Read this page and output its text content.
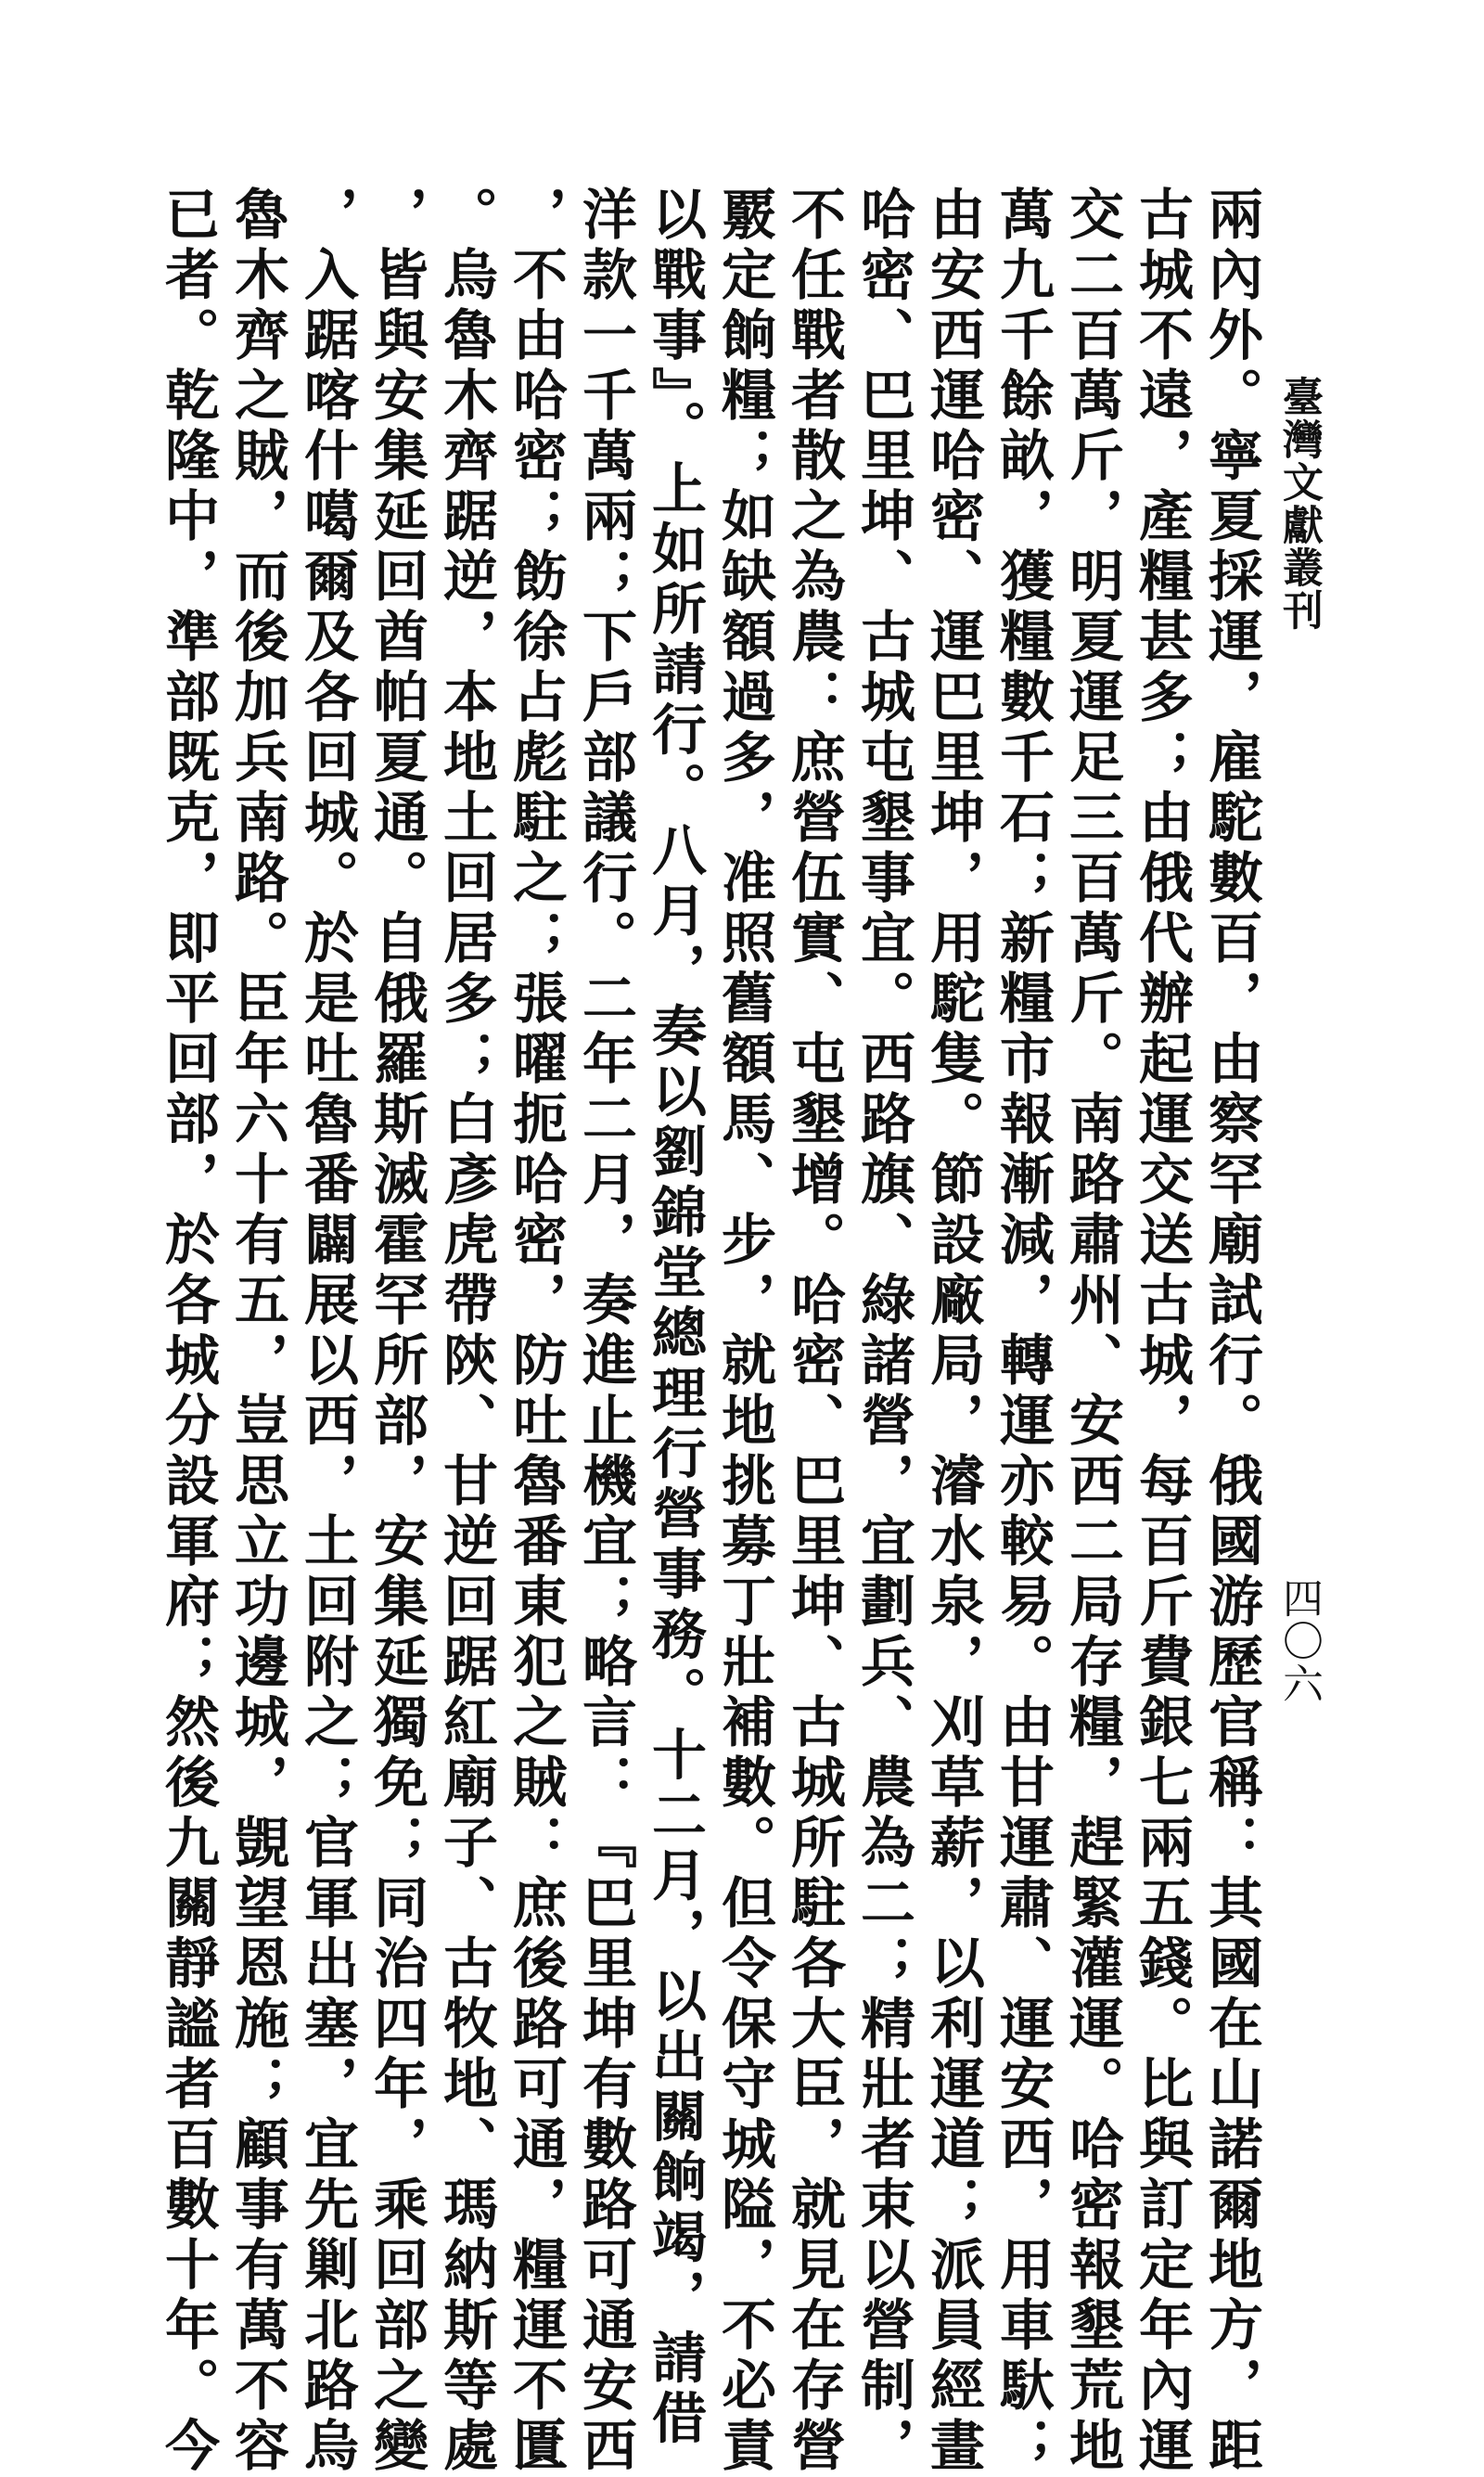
臺灣文獻叢刊
四〇六
兩內外。寧夏採運，雇駝數百，由察罕廟試行。俄國游歷官稱：其國在山諾爾地方，距
古城不遠，產糧甚多；由俄代辦起運交送古城，每百斤費銀七兩五錢。比與訂定年內運
交二百萬斤，明夏運足三百萬斤。南路肅州、安西二局存糧，趕緊灌運。哈密報墾荒地
萬九千餘畝，獲糧數千石；新糧市報漸減，轉運亦較易。由甘運肅、運安西，用車馱；
由安西運哈密、運巴里坤，用駝隻。節設廠局，濬水泉，刈草薪，以利運道；派員經畫
哈密、巴里坤、古城屯墾事宜。西路旗、綠諸營，宜劃兵、農為二；精壯者束以營制，
不任戰者散之為農：庶營伍實、屯墾增。哈密、巴里坤、古城所駐各大臣，就見在存營
覈定餉糧；如缺額過多，准照舊額馬、步，就地挑募丁壯補數。但令保守城隘，不必責
以戰事』。上如所請行。八月，奏以劉錦堂總理行營事務。十二月，以出關餉竭，請借
洋款一千萬兩；下戶部議行。二年二月，奏進止機宜；略言：『巴里坤有數路可通安西
，不由哈密；飭徐占彪駐之；張曜扼哈密，防吐魯番東犯之賊：庶後路可通，糧運不匱
。烏魯木齊踞逆，本地土回居多；白彥虎帶陝、甘逆回踞紅廟子、古牧地、瑪納斯等處
，皆與安集延回酋帕夏通。自俄羅斯滅霍罕所部，安集延獨免；同治四年，乘回部之變
，入踞喀什噶爾及各回城。於是吐魯番闢展以西，土回附之；官軍出塞，宜先剿北路烏
魯木齊之賊，而後加兵南路。臣年六十有五，豈思立功邊城，覬望恩施；顧事有萬不容
已者。乾隆中，準部既克，即平回部，於各城分設軍府；然後九關靜謐者百數十年。今
